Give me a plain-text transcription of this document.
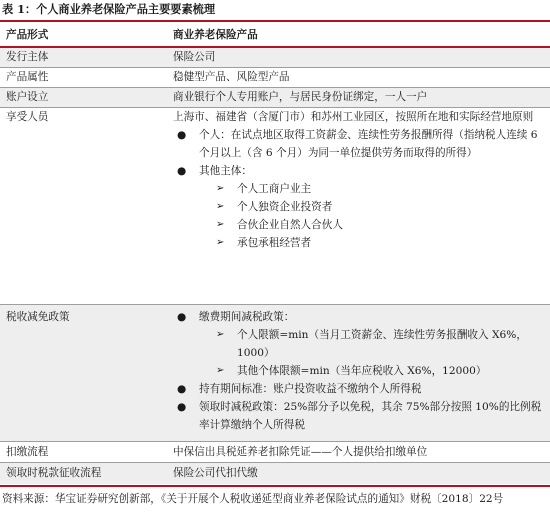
表 1：个人商业养老保险产品主要要素梳理
产品形式	商业养老保险产品
发行主体	保险公司
产品属性	稳健型产品、风险型产品
账户设立	商业银行个人专用账户，与居民身份证绑定，一人一户
享受人员	上海市、福建省（含厦门市）和苏州工业园区，按照所在地和实际经营地原则
● 个人：在试点地区取得工资薪金、连续性劳务报酬所得（指纳税人连续 6 个月以上（含 6 个月）为同一单位提供劳务而取得的所得）
● 其他主体：
➢ 个人工商户业主
➢ 个人独资企业投资者
➢ 合伙企业自然人合伙人
➢ 承包承租经营者
税收减免政策	● 缴费期间减税政策：
➢ 个人限额=min（当月工资薪金、连续性劳务报酬收入 X6%，1000）
➢ 其他个体限额=min（当年应税收入 X6%，12000）
● 持有期间标准：账户投资收益不缴纳个人所得税
● 领取时减税政策：25%部分予以免税，其余 75%部分按照 10%的比例税率计算缴纳个人所得税
扣缴流程	中保信出具税延养老扣除凭证——个人提供给扣缴单位
领取时税款征收流程	保险公司代扣代缴
资料来源：华宝证券研究创新部，《关于开展个人税收递延型商业养老保险试点的通知》财税〔2018〕22号
